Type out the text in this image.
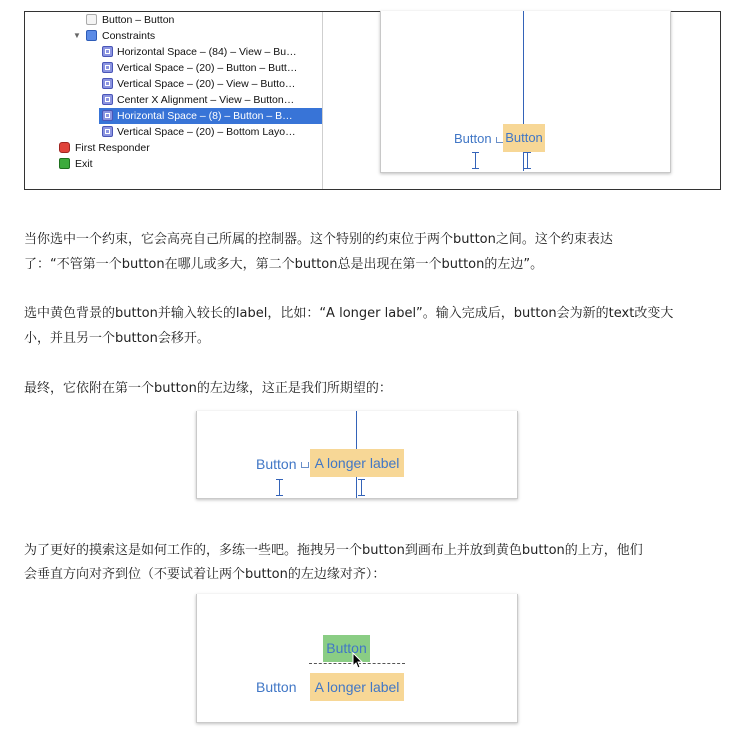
Button – Button
▼ Constraints
Horizontal Space – (84) – View – Bu…
Vertical Space – (20) – Button – Butt…
Vertical Space – (20) – View – Butto…
Center X Alignment – View – Button…
Horizontal Space – (8) – Button – B…
Vertical Space – (20) – Bottom Layo…
First Responder
Exit
Button Button
当你选中一个约束，它会高亮自己所属的控制器。这个特别的约束位于两个button之间。这个约束表达
了：“不管第一个button在哪儿或多大，第二个button总是出现在第一个button的左边”。
选中黄色背景的button并输入较长的label，比如：“A longer label”。输入完成后，button会为新的text改变大
小，并且另一个button会移开。
最终，它依附在第一个button的左边缘，这正是我们所期望的：
Button	A longer label
为了更好的摸索这是如何工作的，多练一些吧。拖拽另一个button到画布上并放到黄色button的上方，他们
会垂直方向对齐到位（不要试着让两个button的左边缘对齐）：
Button
Button	A longer label
